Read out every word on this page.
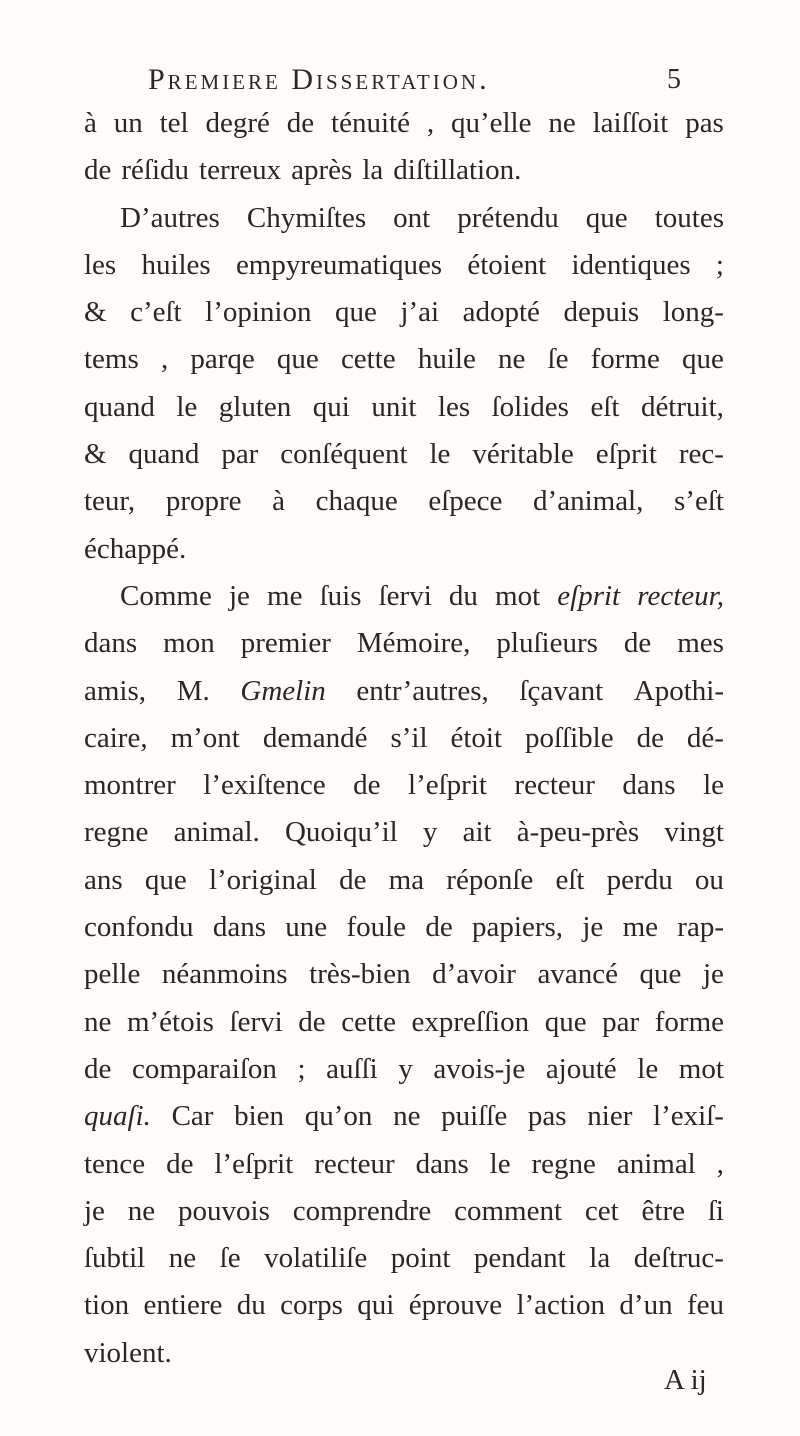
Premiere Dissertation.	5
à un tel degré de ténuité , qu’elle ne laiſſoit pas
de réſidu terreux après la diſtillation.
D’autres Chymiſtes ont prétendu que toutes
les huiles empyreumatiques étoient identiques ;
& c’eſt l’opinion que j’ai adopté depuis long-
tems , parqe que cette huile ne ſe forme que
quand le gluten qui unit les ſolides eſt détruit,
& quand par conſéquent le véritable eſprit rec-
teur, propre à chaque eſpece d’animal, s’eſt
échappé.
Comme je me ſuis ſervi du mot eſprit recteur,
dans mon premier Mémoire, pluſieurs de mes
amis, M. Gmelin entr’autres, ſçavant Apothi-
caire, m’ont demandé s’il étoit poſſible de dé-
montrer l’exiſtence de l’eſprit recteur dans le
regne animal. Quoiqu’il y ait à-peu-près vingt
ans que l’original de ma réponſe eſt perdu ou
confondu dans une foule de papiers, je me rap-
pelle néanmoins très-bien d’avoir avancé que je
ne m’étois ſervi de cette expreſſion que par forme
de comparaiſon ; auſſi y avois-je ajouté le mot
quaſi. Car bien qu’on ne puiſſe pas nier l’exiſ-
tence de l’eſprit recteur dans le regne animal ,
je ne pouvois comprendre comment cet être ſi
ſubtil ne ſe volatiliſe point pendant la deſtruc-
tion entiere du corps qui éprouve l’action d’un feu
violent.
A ij
